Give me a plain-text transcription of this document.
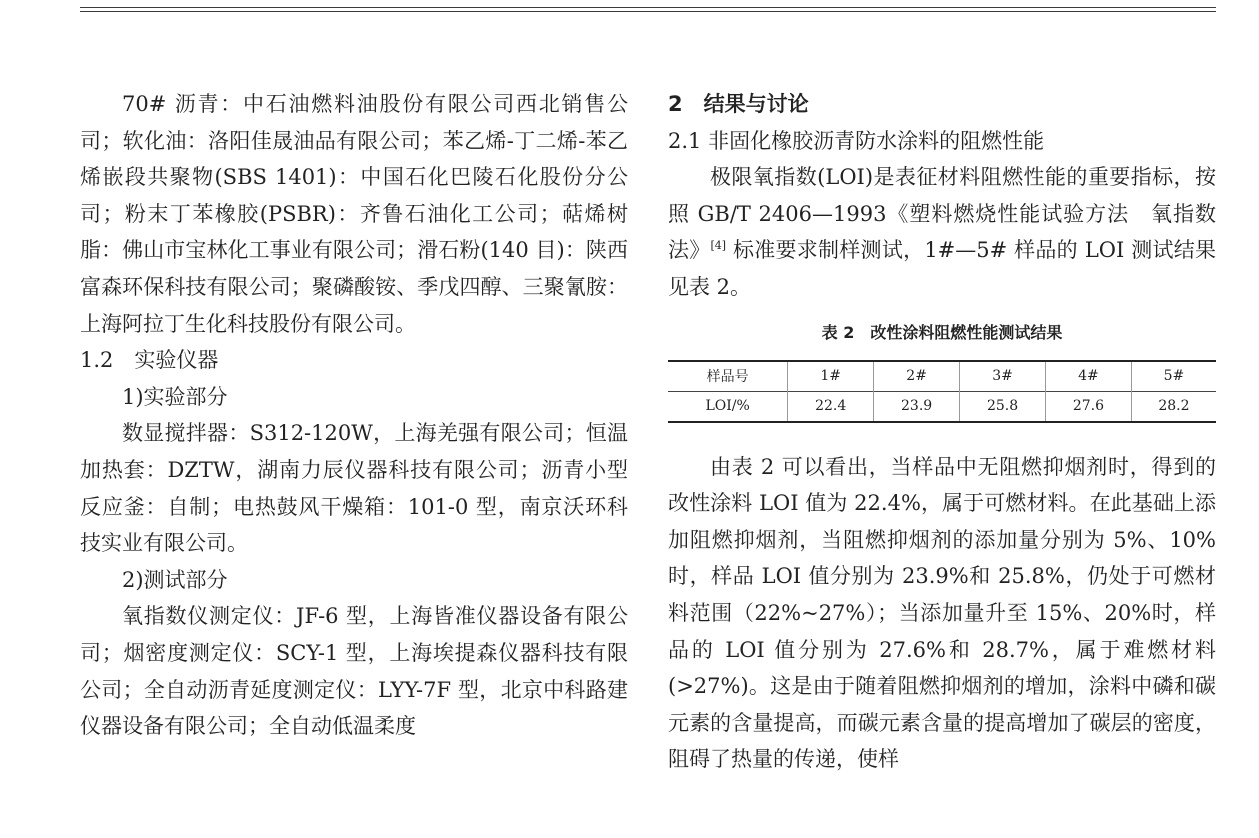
70# 沥青：中石油燃料油股份有限公司西北销售公司；软化油：洛阳佳晟油品有限公司；苯乙烯-丁二烯-苯乙烯嵌段共聚物(SBS 1401)：中国石化巴陵石化股份分公司；粉末丁苯橡胶(PSBR)：齐鲁石油化工公司；萜烯树脂：佛山市宝林化工事业有限公司；滑石粉(140 目)：陕西富森环保科技有限公司；聚磷酸铵、季戊四醇、三聚氰胺：上海阿拉丁生化科技股份有限公司。

1.2　实验仪器

1)实验部分

数显搅拌器：S312-120W，上海羌强有限公司；恒温加热套：DZTW，湖南力辰仪器科技有限公司；沥青小型反应釜：自制；电热鼓风干燥箱：101-0 型，南京沃环科技实业有限公司。

2)测试部分

氧指数仪测定仪：JF-6 型，上海皆准仪器设备有限公司；烟密度测定仪：SCY-1 型，上海埃提森仪器科技有限公司；全自动沥青延度测定仪：LYY-7F 型，北京中科路建仪器设备有限公司；全自动低温柔度

2　结果与讨论

2.1 非固化橡胶沥青防水涂料的阻燃性能

极限氧指数(LOI)是表征材料阻燃性能的重要指标，按照 GB/T 2406—1993《塑料燃烧性能试验方法　氧指数法》[4] 标准要求制样测试，1#—5# 样品的 LOI 测试结果见表 2。

表 2　改性涂料阻燃性能测试结果

样品号	1#	2#	3#	4#	5#
LOI/%	22.4	23.9	25.8	27.6	28.2

由表 2 可以看出，当样品中无阻燃抑烟剂时，得到的改性涂料 LOI 值为 22.4%，属于可燃材料。在此基础上添加阻燃抑烟剂，当阻燃抑烟剂的添加量分别为 5%、10%时，样品 LOI 值分别为 23.9%和 25.8%，仍处于可燃材料范围（22%~27%）；当添加量升至 15%、20%时，样品的 LOI 值分别为 27.6%和 28.7%，属于难燃材料(>27%)。这是由于随着阻燃抑烟剂的增加，涂料中磷和碳元素的含量提高，而碳元素含量的提高增加了碳层的密度，阻碍了热量的传递，使样
